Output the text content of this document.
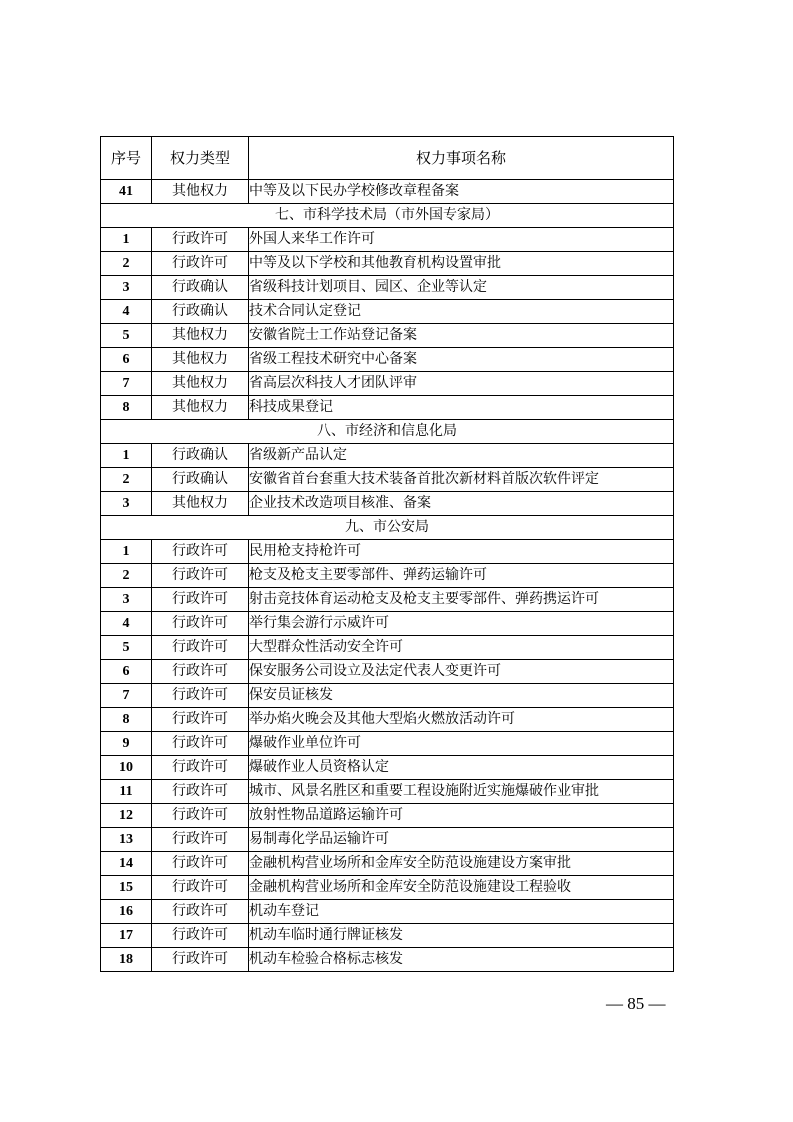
序号	权力类型	权力事项名称
41	其他权力	中等及以下民办学校修改章程备案
七、市科学技术局（市外国专家局）		
1	行政许可	外国人来华工作许可
2	行政许可	中等及以下学校和其他教育机构设置审批
3	行政确认	省级科技计划项目、园区、企业等认定
4	行政确认	技术合同认定登记
5	其他权力	安徽省院士工作站登记备案
6	其他权力	省级工程技术研究中心备案
7	其他权力	省高层次科技人才团队评审
8	其他权力	科技成果登记
八、市经济和信息化局		
1	行政确认	省级新产品认定
2	行政确认	安徽省首台套重大技术装备首批次新材料首版次软件评定
3	其他权力	企业技术改造项目核准、备案
九、市公安局		
1	行政许可	民用枪支持枪许可
2	行政许可	枪支及枪支主要零部件、弹药运输许可
3	行政许可	射击竞技体育运动枪支及枪支主要零部件、弹药携运许可
4	行政许可	举行集会游行示威许可
5	行政许可	大型群众性活动安全许可
6	行政许可	保安服务公司设立及法定代表人变更许可
7	行政许可	保安员证核发
8	行政许可	举办焰火晚会及其他大型焰火燃放活动许可
9	行政许可	爆破作业单位许可
10	行政许可	爆破作业人员资格认定
11	行政许可	城市、风景名胜区和重要工程设施附近实施爆破作业审批
12	行政许可	放射性物品道路运输许可
13	行政许可	易制毒化学品运输许可
14	行政许可	金融机构营业场所和金库安全防范设施建设方案审批
15	行政许可	金融机构营业场所和金库安全防范设施建设工程验收
16	行政许可	机动车登记
17	行政许可	机动车临时通行牌证核发
18	行政许可	机动车检验合格标志核发
— 85 —
